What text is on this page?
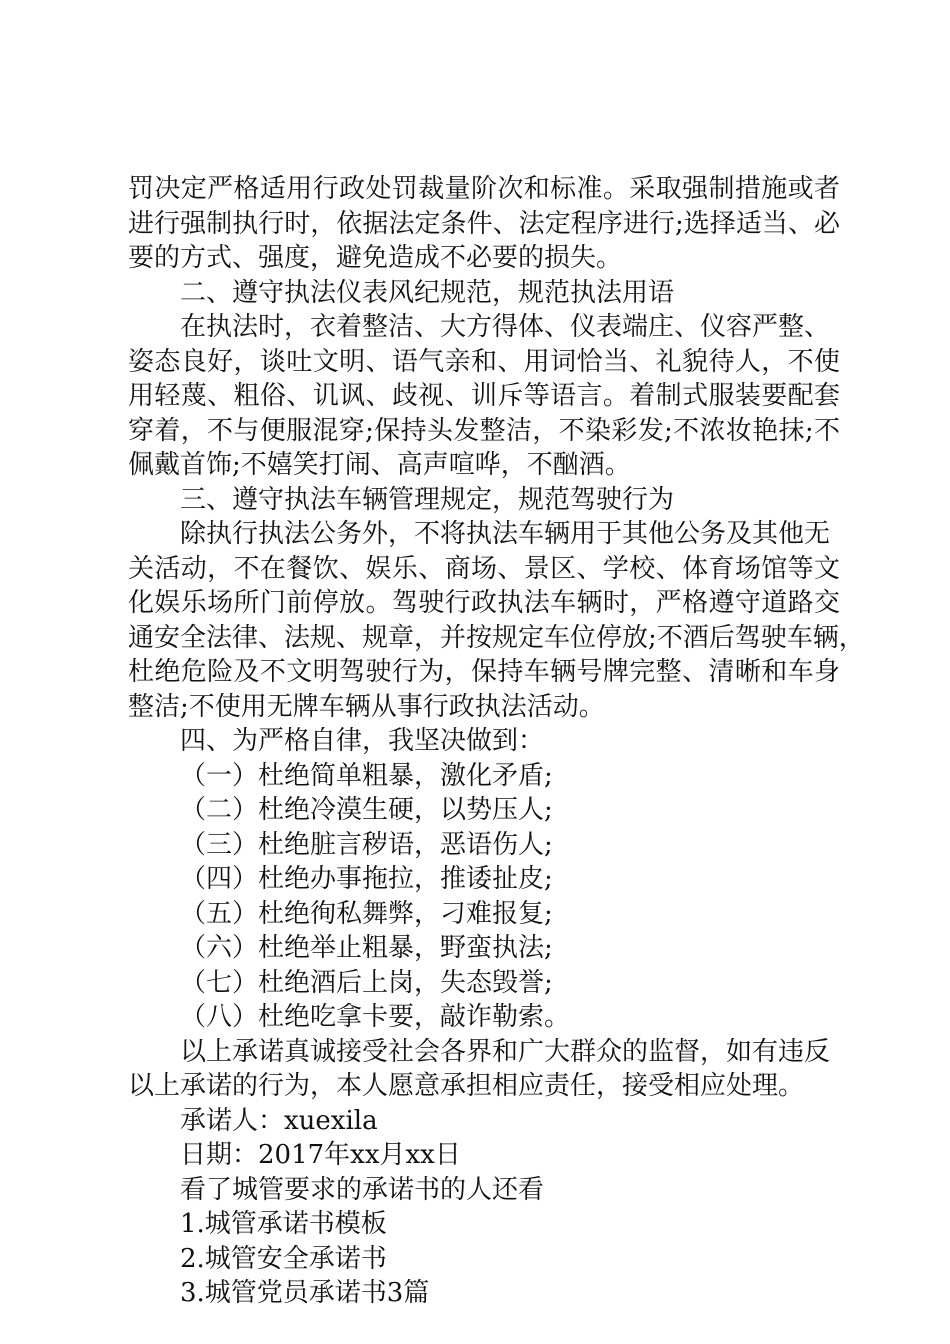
罚决定严格适用行政处罚裁量阶次和标准。采取强制措施或者
进行强制执行时，依据法定条件、法定程序进行;选择适当、必
要的方式、强度，避免造成不必要的损失。
二、遵守执法仪表风纪规范，规范执法用语
在执法时，衣着整洁、大方得体、仪表端庄、仪容严整、
姿态良好，谈吐文明、语气亲和、用词恰当、礼貌待人，不使
用轻蔑、粗俗、讥讽、歧视、训斥等语言。着制式服装要配套
穿着，不与便服混穿;保持头发整洁，不染彩发;不浓妆艳抹;不
佩戴首饰;不嬉笑打闹、高声喧哗，不酗酒。
三、遵守执法车辆管理规定，规范驾驶行为
除执行执法公务外，不将执法车辆用于其他公务及其他无
关活动，不在餐饮、娱乐、商场、景区、学校、体育场馆等文
化娱乐场所门前停放。驾驶行政执法车辆时，严格遵守道路交
通安全法律、法规、规章，并按规定车位停放;不酒后驾驶车辆，
杜绝危险及不文明驾驶行为，保持车辆号牌完整、清晰和车身
整洁;不使用无牌车辆从事行政执法活动。
四、为严格自律，我坚决做到：
（一）杜绝简单粗暴，激化矛盾;
（二）杜绝冷漠生硬，以势压人;
（三）杜绝脏言秽语，恶语伤人;
（四）杜绝办事拖拉，推诿扯皮;
（五）杜绝徇私舞弊，刁难报复;
（六）杜绝举止粗暴，野蛮执法;
（七）杜绝酒后上岗，失态毁誉;
（八）杜绝吃拿卡要，敲诈勒索。
以上承诺真诚接受社会各界和广大群众的监督，如有违反
以上承诺的行为，本人愿意承担相应责任，接受相应处理。
承诺人：xuexila
日期：2017年xx月xx日
看了城管要求的承诺书的人还看
1.城管承诺书模板
2.城管安全承诺书
3.城管党员承诺书3篇
